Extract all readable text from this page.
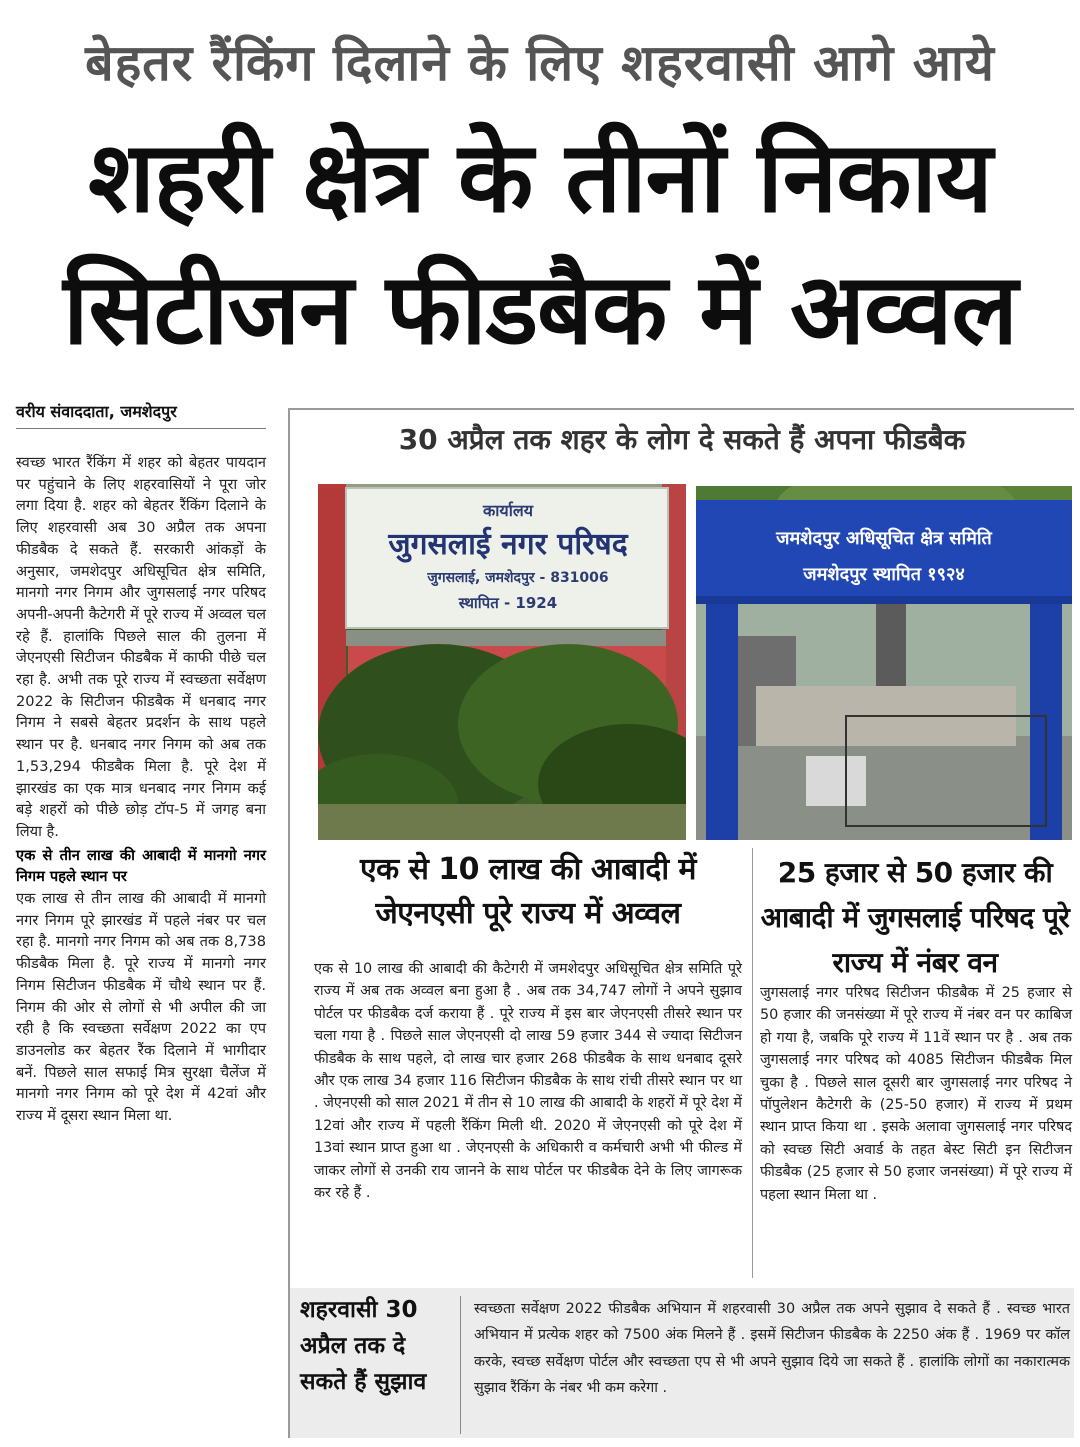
बेहतर रैंकिंग दिलाने के लिए शहरवासी आगे आये
शहरी क्षेत्र के तीनों निकाय
सिटीजन फीडबैक में अव्वल
वरीय संवाददाता, जमशेदपुर

स्वच्छ भारत रैंकिंग में शहर को बेहतर पायदान पर पहुंचाने के लिए शहरवासियों ने पूरा जोर लगा दिया है. शहर को बेहतर रैंकिंग दिलाने के लिए शहरवासी अब 30 अप्रैल तक अपना फीडबैक दे सकते हैं. सरकारी आंकड़ों के अनुसार, जमशेदपुर अधिसूचित क्षेत्र समिति, मानगो नगर निगम और जुगसलाई नगर परिषद अपनी-अपनी कैटेगरी में पूरे राज्य में अव्वल चल रहे हैं. हालांकि पिछले साल की तुलना में जेएनएसी सिटीजन फीडबैक में काफी पीछे चल रहा है. अभी तक पूरे राज्य में स्वच्छता सर्वेक्षण 2022 के सिटीजन फीडबैक में धनबाद नगर निगम ने सबसे बेहतर प्रदर्शन के साथ पहले स्थान पर है. धनबाद नगर निगम को अब तक 1,53,294 फीडबैक मिला है. पूरे देश में झारखंड का एक मात्र धनबाद नगर निगम कई बड़े शहरों को पीछे छोड़ टॉप-5 में जगह बना लिया है.

एक से तीन लाख की आबादी में मानगो नगर निगम पहले स्थान पर

एक लाख से तीन लाख की आबादी में मानगो नगर निगम पूरे झारखंड में पहले नंबर पर चल रहा है. मानगो नगर निगम को अब तक 8,738 फीडबैक मिला है. पूरे राज्य में मानगो नगर निगम सिटीजन फीडबैक में चौथे स्थान पर हैं. निगम की ओर से लोगों से भी अपील की जा रही है कि स्वच्छता सर्वेक्षण 2022 का एप डाउनलोड कर बेहतर रैंक दिलाने में भागीदार बनें. पिछले साल सफाई मित्र सुरक्षा चैलेंज में मानगो नगर निगम को पूरे देश में 42वां और राज्य में दूसरा स्थान मिला था.

30 अप्रैल तक शहर के लोग दे सकते हैं अपना फीडबैक
कार्यालय
जुगसलाई नगर परिषद
जुगसलाई, जमशेदपुर - 831006
स्थापित - 1924
जमशेदपुर अधिसूचित क्षेत्र समिति
जमशेदपुर स्थापित १९२४
एक से 10 लाख की आबादी में जेएनएसी पूरे राज्य में अव्वल
25 हजार से 50 हजार की आबादी में जुगसलाई परिषद पूरे राज्य में नंबर वन
एक से 10 लाख की आबादी की कैटेगरी में जमशेदपुर अधिसूचित क्षेत्र समिति पूरे राज्य में अब तक अव्वल बना हुआ है . अब तक 34,747 लोगों ने अपने सुझाव पोर्टल पर फीडबैक दर्ज कराया हैं . पूरे राज्य में इस बार जेएनएसी तीसरे स्थान पर चला गया है . पिछले साल जेएनएसी दो लाख 59 हजार 344 से ज्यादा सिटीजन फीडबैक के साथ पहले, दो लाख चार हजार 268 फीडबैक के साथ धनबाद दूसरे और एक लाख 34 हजार 116 सिटीजन फीडबैक के साथ रांची तीसरे स्थान पर था . जेएनएसी को साल 2021 में तीन से 10 लाख की आबादी के शहरों में पूरे देश में 12वां और राज्य में पहली रैंकिंग मिली थी. 2020 में जेएनएसी को पूरे देश में 13वां स्थान प्राप्त हुआ था . जेएनएसी के अधिकारी व कर्मचारी अभी भी फील्ड में जाकर लोगों से उनकी राय जानने के साथ पोर्टल पर फीडबैक देने के लिए जागरूक कर रहे हैं .
जुगसलाई नगर परिषद सिटीजन फीडबैक में 25 हजार से 50 हजार की जनसंख्या में पूरे राज्य में नंबर वन पर काबिज हो गया है, जबकि पूरे राज्य में 11वें स्थान पर है . अब तक जुगसलाई नगर परिषद को 4085 सिटीजन फीडबैक मिल चुका है . पिछले साल दूसरी बार जुगसलाई नगर परिषद ने पॉपुलेशन कैटेगरी के (25-50 हजार) में राज्य में प्रथम स्थान प्राप्त किया था . इसके अलावा जुगसलाई नगर परिषद को स्वच्छ सिटी अवार्ड के तहत बेस्ट सिटी इन सिटीजन फीडबैक (25 हजार से 50 हजार जनसंख्या) में पूरे राज्य में पहला स्थान मिला था .
शहरवासी 30 अप्रैल तक दे सकते हैं सुझाव
स्वच्छता सर्वेक्षण 2022 फीडबैक अभियान में शहरवासी 30 अप्रैल तक अपने सुझाव दे सकते हैं . स्वच्छ भारत अभियान में प्रत्येक शहर को 7500 अंक मिलने हैं . इसमें सिटीजन फीडबैक के 2250 अंक हैं . 1969 पर कॉल करके, स्वच्छ सर्वेक्षण पोर्टल और स्वच्छता एप से भी अपने सुझाव दिये जा सकते हैं . हालांकि लोगों का नकारात्मक सुझाव रैंकिंग के नंबर भी कम करेगा .
